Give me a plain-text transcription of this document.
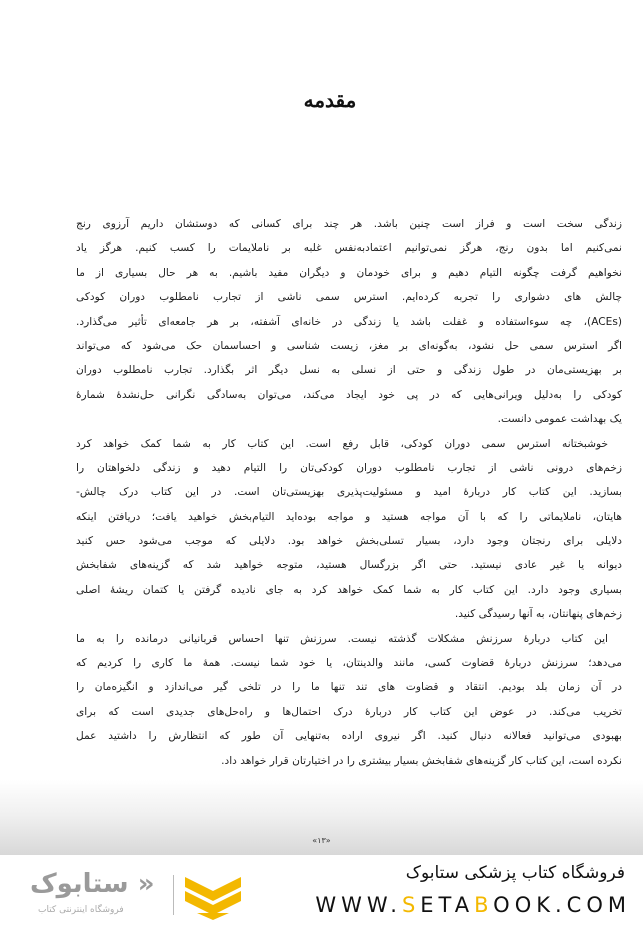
مقدمه
زندگی سخت است و فراز است چنین باشد. هر چند برای کسانی که دوستشان داریم آرزوی رنج
نمی‌کنیم اما بدون رنج، هرگز نمی‌توانیم اعتمادبه‌نفس غلبه بر ناملایمات را کسب کنیم. هرگز یاد
نخواهیم گرفت چگونه التیام دهیم و برای خودمان و دیگران مفید باشیم. به هر حال بسیاری از ما
چالش های دشواری را تجربه کرده‌ایم. استرس سمی ناشی از تجارب نامطلوب دوران کودکی
(ACEs)، چه سوءاستفاده و غفلت باشد یا زندگی در خانه‌ای آشفته، بر هر جامعه‌ای تأثیر می‌گذارد.
اگر استرس سمی حل نشود، به‌گونه‌ای بر مغز، زیست شناسی و احساسمان حک می‌شود که می‌تواند
بر بهزیستی‌مان در طول زندگی و حتی از نسلی به نسل دیگر اثر بگذارد. تجارب نامطلوب دوران
کودکی را به‌دلیل ویرانی‌هایی که در پی خود ایجاد می‌کند، می‌توان به‌سادگی نگرانی حل‌نشدهٔ شمارهٔ
یک بهداشت عمومی دانست.
خوشبختانه استرس سمی دوران کودکی، قابل رفع است. این کتاب کار به شما کمک خواهد کرد
زخم‌های درونی ناشی از تجارب نامطلوب دوران کودکی‌تان را التیام دهید و زندگی دلخواهتان را
بسازید. این کتاب کار دربارهٔ امید و مسئولیت‌پذیری بهزیستی‌تان است. در این کتاب درک چالش-
هایتان، ناملایماتی را که با آن مواجه هستید و مواجه بوده‌اید التیام‌بخش خواهید یافت؛ دریافتن اینکه
دلایلی برای رنجتان وجود دارد، بسیار تسلی‌بخش خواهد بود. دلایلی که موجب می‌شود حس کنید
دیوانه یا غیر عادی نیستید. حتی اگر بزرگسال هستید، متوجه خواهید شد که گزینه‌های شفابخش
بسیاری وجود دارد. این کتاب کار به شما کمک خواهد کرد به جای نادیده گرفتن یا کتمان ریشهٔ اصلی
زخم‌های پنهانتان، به آنها رسیدگی کنید.
این کتاب دربارهٔ سرزنش مشکلات گذشته نیست. سرزنش تنها احساس قربانیانی درمانده را به ما
می‌دهد؛ سرزنش دربارهٔ قضاوت کسی، مانند والدینتان، یا خود شما نیست. همهٔ ما کاری را کردیم که
در آن زمان بلد بودیم. انتقاد و قضاوت های تند تنها ما را در تلخی گیر می‌اندازد و انگیزه‌مان را
تخریب می‌کند. در عوض این کتاب کار دربارهٔ درک احتمال‌ها و راه‌حل‌های جدیدی است که برای
بهبودی می‌توانید فعالانه دنبال کنید. اگر نیروی اراده به‌تنهایی آن طور که انتظارش را داشتید عمل
نکرده است، این کتاب کار گزینه‌های شفابخش بسیار بیشتری را در اختیارتان قرار خواهد داد.
«۱۳»
فروشگاه کتاب پزشکی ستابوک
WWW.SETABOOK.COM
« ستابوک
فروشگاه اینترنتی کتاب
